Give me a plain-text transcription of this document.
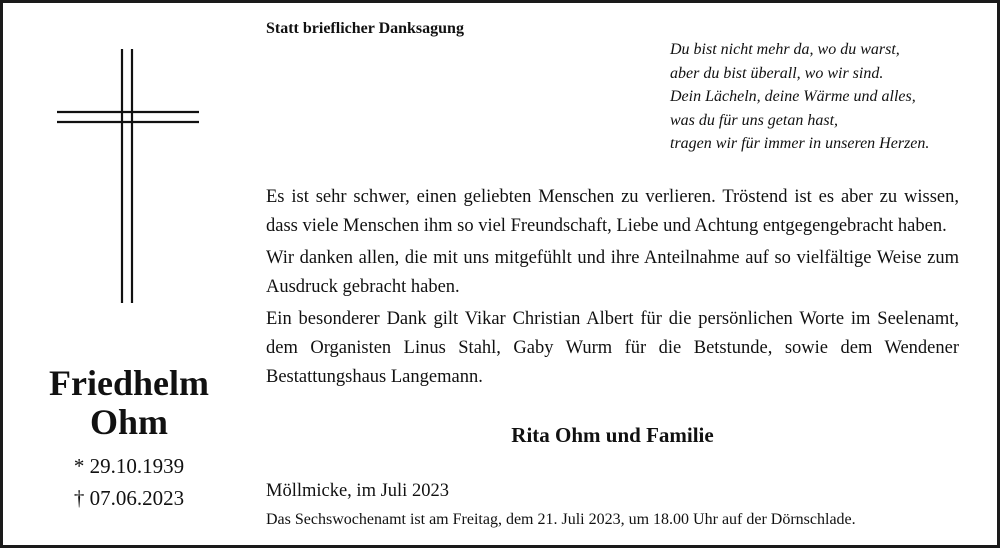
Friedhelm
Ohm
* 29.10.1939
† 07.06.2023
Statt brieflicher Danksagung
Du bist nicht mehr da, wo du warst,
aber du bist überall, wo wir sind.
Dein Lächeln, deine Wärme und alles,
was du für uns getan hast,
tragen wir für immer in unseren Herzen.

Es ist sehr schwer, einen geliebten Menschen zu verlieren. Tröstend ist es aber zu wissen, dass viele Menschen ihm so viel Freundschaft, Liebe und Achtung entgegengebracht haben.

Wir danken allen, die mit uns mitgefühlt und ihre Anteilnahme auf so vielfältige Weise zum Ausdruck gebracht haben.

Ein besonderer Dank gilt Vikar Christian Albert für die persönlichen Worte im Seelenamt, dem Organisten Linus Stahl, Gaby Wurm für die Betstunde, sowie dem Wendener Bestattungshaus Langemann.

Rita Ohm und Familie
Möllmicke, im Juli 2023
Das Sechswochenamt ist am Freitag, dem 21. Juli 2023, um 18.00 Uhr auf der Dörnschlade.
